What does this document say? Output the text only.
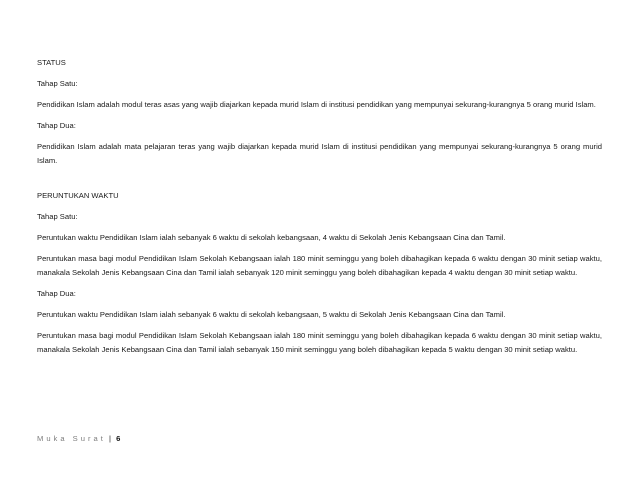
STATUS

Tahap Satu:

Pendidikan Islam adalah modul teras asas yang wajib diajarkan kepada murid Islam di institusi pendidikan yang mempunyai sekurang-kurangnya 5 orang murid Islam.

Tahap Dua:

Pendidikan Islam adalah mata pelajaran teras yang wajib diajarkan kepada murid Islam di institusi pendidikan yang mempunyai sekurang-kurangnya 5 orang murid Islam.

PERUNTUKAN WAKTU

Tahap Satu:

Peruntukan waktu Pendidikan Islam ialah sebanyak 6 waktu di sekolah kebangsaan, 4 waktu di Sekolah Jenis Kebangsaan Cina dan Tamil.

Peruntukan masa bagi modul Pendidikan Islam Sekolah Kebangsaan ialah 180 minit seminggu yang boleh dibahagikan kepada 6 waktu dengan 30 minit setiap waktu, manakala Sekolah Jenis Kebangsaan Cina dan Tamil ialah sebanyak 120 minit seminggu yang boleh dibahagikan kepada 4 waktu dengan 30 minit setiap waktu.

Tahap Dua:

Peruntukan waktu Pendidikan Islam ialah sebanyak 6 waktu di sekolah kebangsaan, 5 waktu di Sekolah Jenis Kebangsaan Cina dan Tamil.

Peruntukan masa bagi modul Pendidikan Islam Sekolah Kebangsaan ialah 180 minit seminggu yang boleh dibahagikan kepada 6 waktu dengan 30 minit setiap waktu, manakala Sekolah Jenis Kebangsaan Cina dan Tamil ialah sebanyak 150 minit seminggu yang boleh dibahagikan kepada 5 waktu dengan 30 minit setiap waktu.

Muka Surat | 6
